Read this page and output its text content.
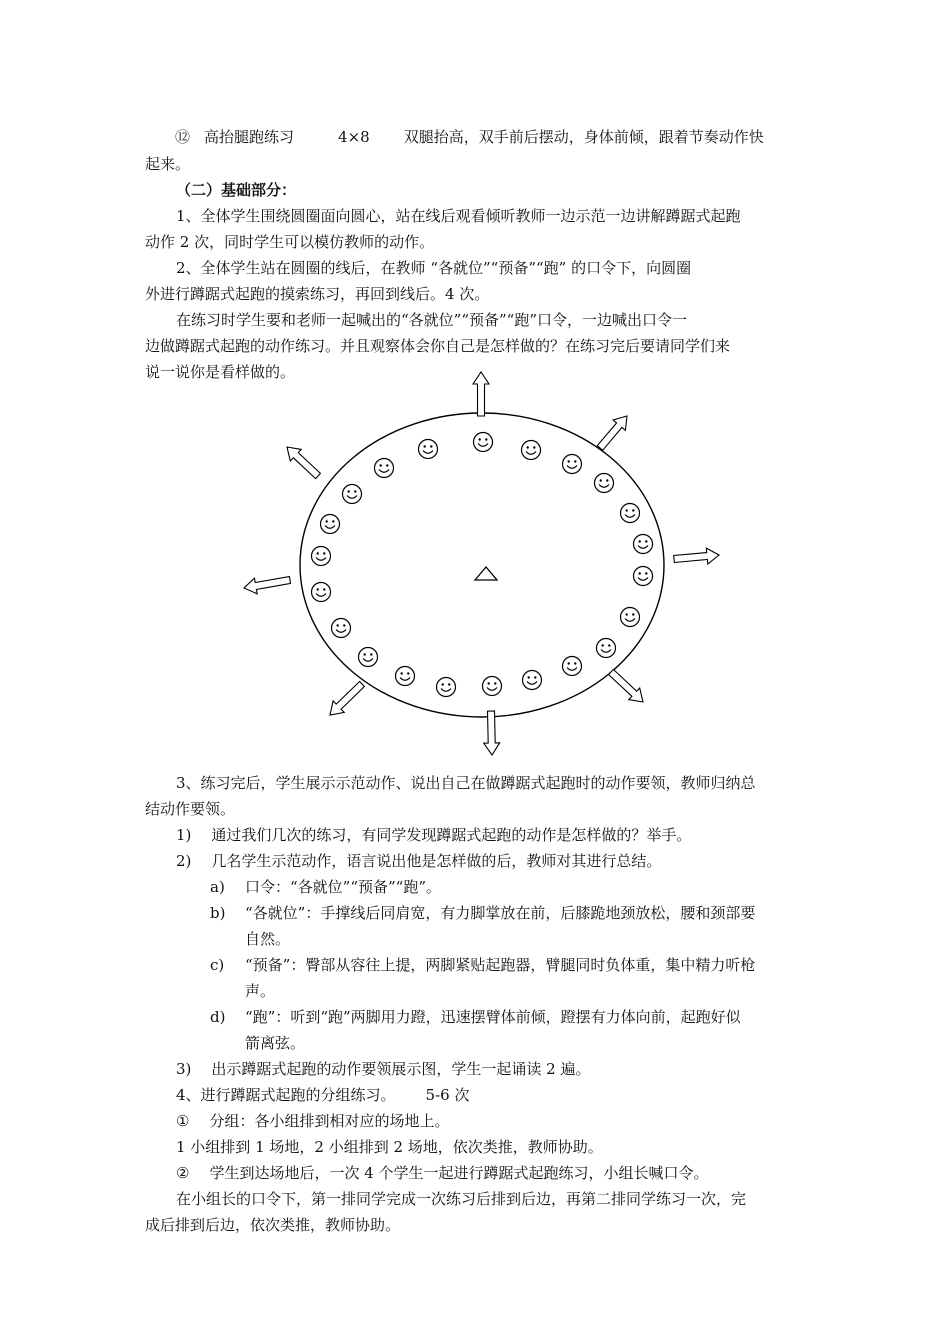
⑫ 高抬腿跑练习	4×8 双腿抬高，双手前后摆动，身体前倾，跟着节奏动作快
起来。
（二）基础部分：
1、全体学生围绕圆圈面向圆心，站在线后观看倾听教师一边示范一边讲解蹲踞式起跑
动作 2 次，同时学生可以模仿教师的动作。
2、全体学生站在圆圈的线后，在教师 “各就位”“预备”“跑” 的口令下，向圆圈
外进行蹲踞式起跑的摸索练习，再回到线后。4 次。
在练习时学生要和老师一起喊出的“各就位”“预备”“跑”口令，一边喊出口令一
边做蹲踞式起跑的动作练习。并且观察体会你自己是怎样做的？在练习完后要请同学们来
说一说你是看样做的。
3、练习完后，学生展示示范动作、说出自己在做蹲踞式起跑时的动作要领，教师归纳总
结动作要领。
1) 通过我们几次的练习，有同学发现蹲踞式起跑的动作是怎样做的？举手。
2) 几名学生示范动作，语言说出他是怎样做的后，教师对其进行总结。
a) 口令：“各就位”“预备”“跑”。
b) “各就位”：手撑线后同肩宽，有力脚掌放在前，后膝跪地颈放松，腰和颈部要
自然。
c) “预备”：臀部从容往上提，两脚紧贴起跑器，臂腿同时负体重，集中精力听枪
声。
d) “跑”：听到“跑”两脚用力蹬，迅速摆臂体前倾，蹬摆有力体向前，起跑好似
箭离弦。
3) 出示蹲踞式起跑的动作要领展示图，学生一起诵读 2 遍。
4、进行蹲踞式起跑的分组练习。 5-6 次
① 分组：各小组排到相对应的场地上。
1 小组排到 1 场地，2 小组排到 2 场地，依次类推，教师协助。
② 学生到达场地后，一次 4 个学生一起进行蹲踞式起跑练习，小组长喊口令。
在小组长的口令下，第一排同学完成一次练习后排到后边，再第二排同学练习一次，完
成后排到后边，依次类推，教师协助。
